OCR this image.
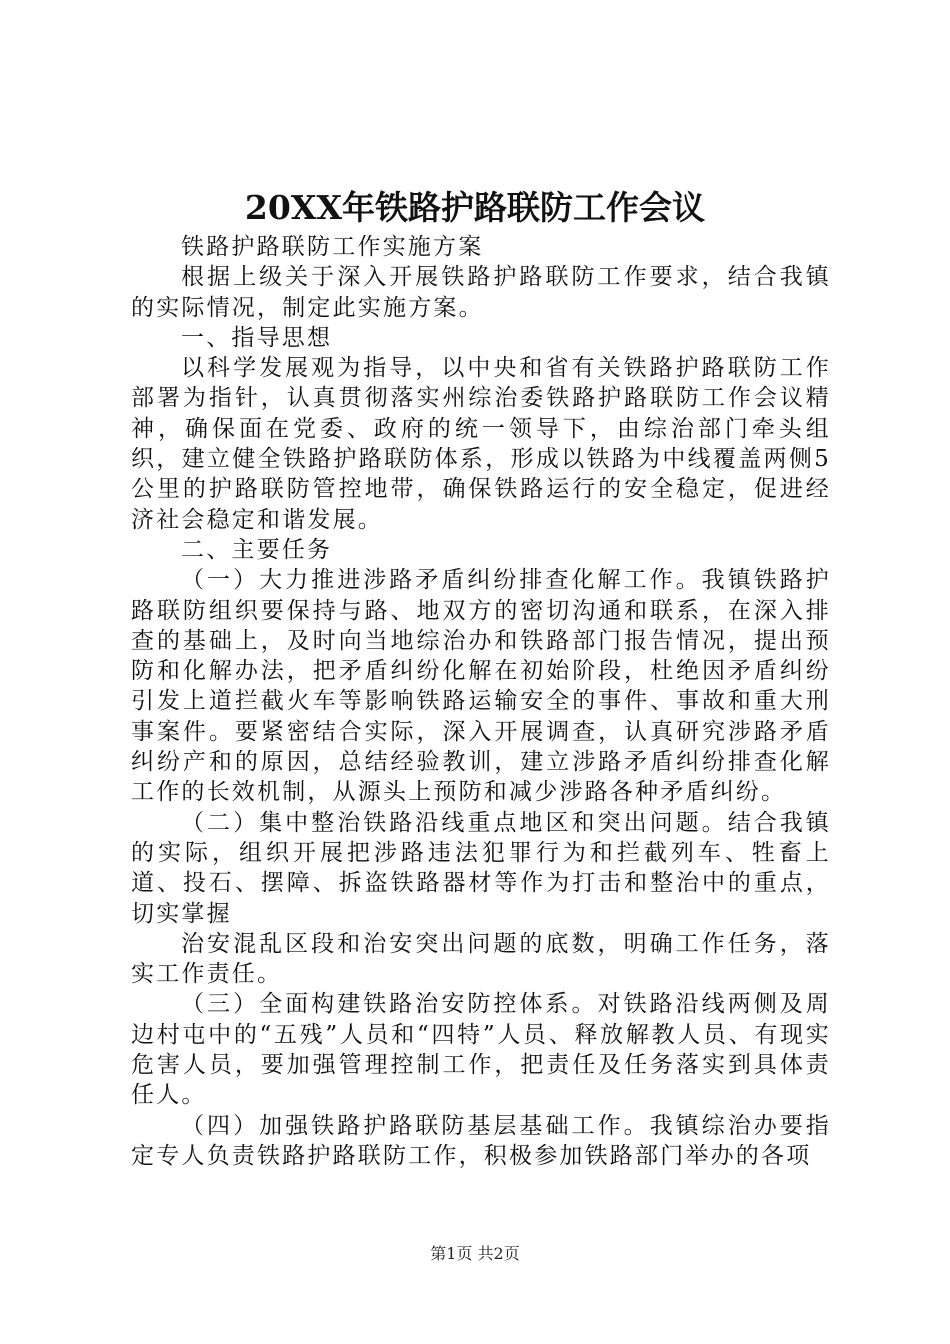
20XX年铁路护路联防工作会议

铁路护路联防工作实施方案

根据上级关于深入开展铁路护路联防工作要求，结合我镇的实际情况，制定此实施方案。

一、指导思想

以科学发展观为指导，以中央和省有关铁路护路联防工作部署为指针，认真贯彻落实州综治委铁路护路联防工作会议精神，确保面在党委、政府的统一领导下，由综治部门牵头组织，建立健全铁路护路联防体系，形成以铁路为中线覆盖两侧5公里的护路联防管控地带，确保铁路运行的安全稳定，促进经济社会稳定和谐发展。

二、主要任务

（一）大力推进涉路矛盾纠纷排查化解工作。我镇铁路护路联防组织要保持与路、地双方的密切沟通和联系，在深入排查的基础上，及时向当地综治办和铁路部门报告情况，提出预防和化解办法，把矛盾纠纷化解在初始阶段，杜绝因矛盾纠纷引发上道拦截火车等影响铁路运输安全的事件、事故和重大刑事案件。要紧密结合实际，深入开展调查，认真研究涉路矛盾纠纷产和的原因，总结经验教训，建立涉路矛盾纠纷排查化解工作的长效机制，从源头上预防和减少涉路各种矛盾纠纷。

（二）集中整治铁路沿线重点地区和突出问题。结合我镇的实际，组织开展把涉路违法犯罪行为和拦截列车、牲畜上道、投石、摆障、拆盗铁路器材等作为打击和整治中的重点，切实掌握

治安混乱区段和治安突出问题的底数，明确工作任务，落实工作责任。

（三）全面构建铁路治安防控体系。对铁路沿线两侧及周边村屯中的“五残”人员和“四特”人员、释放解教人员、有现实危害人员，要加强管理控制工作，把责任及任务落实到具体责任人。

（四）加强铁路护路联防基层基础工作。我镇综治办要指定专人负责铁路护路联防工作，积极参加铁路部门举办的各项

第1页 共2页
